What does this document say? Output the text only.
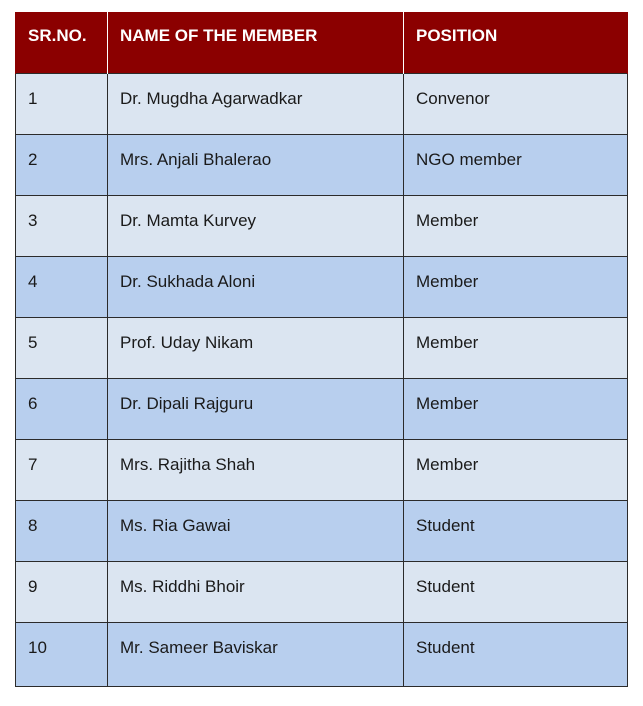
SR.NO.	NAME OF THE MEMBER	POSITION
1	Dr. Mugdha Agarwadkar	Convenor
2	Mrs. Anjali Bhalerao	NGO member
3	Dr. Mamta Kurvey	Member
4	Dr. Sukhada Aloni	Member
5	Prof. Uday Nikam	Member
6	Dr. Dipali Rajguru	Member
7	Mrs. Rajitha Shah	Member
8	Ms. Ria Gawai	Student
9	Ms. Riddhi Bhoir	Student
10	Mr. Sameer Baviskar	Student
